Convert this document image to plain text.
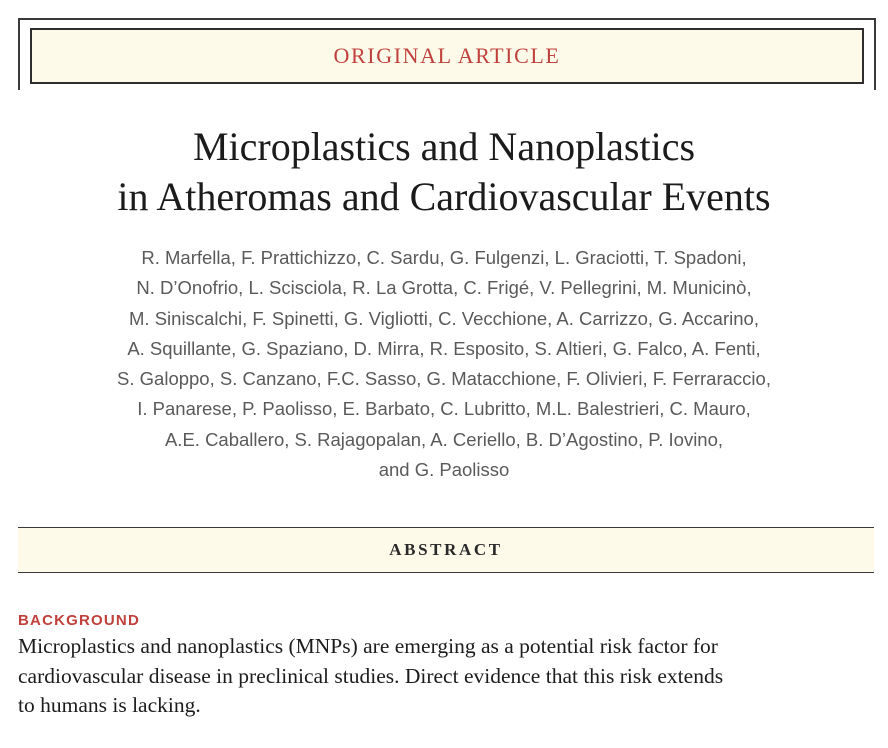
ORIGINAL ARTICLE
Microplastics and Nanoplastics
in Atheromas and Cardiovascular Events
R. Marfella, F. Prattichizzo, C. Sardu, G. Fulgenzi, L. Graciotti, T. Spadoni,
N. D’Onofrio, L. Scisciola, R. La Grotta, C. Frigé, V. Pellegrini, M. Municinò,
M. Siniscalchi, F. Spinetti, G. Vigliotti, C. Vecchione, A. Carrizzo, G. Accarino,
A. Squillante, G. Spaziano, D. Mirra, R. Esposito, S. Altieri, G. Falco, A. Fenti,
S. Galoppo, S. Canzano, F.C. Sasso, G. Matacchione, F. Olivieri, F. Ferraraccio,
I. Panarese, P. Paolisso, E. Barbato, C. Lubritto, M.L. Balestrieri, C. Mauro,
A.E. Caballero, S. Rajagopalan, A. Ceriello, B. D’Agostino, P. Iovino,
and G. Paolisso
ABSTRACT
BACKGROUND
Microplastics and nanoplastics (MNPs) are emerging as a potential risk factor for
cardiovascular disease in preclinical studies. Direct evidence that this risk extends
to humans is lacking.
